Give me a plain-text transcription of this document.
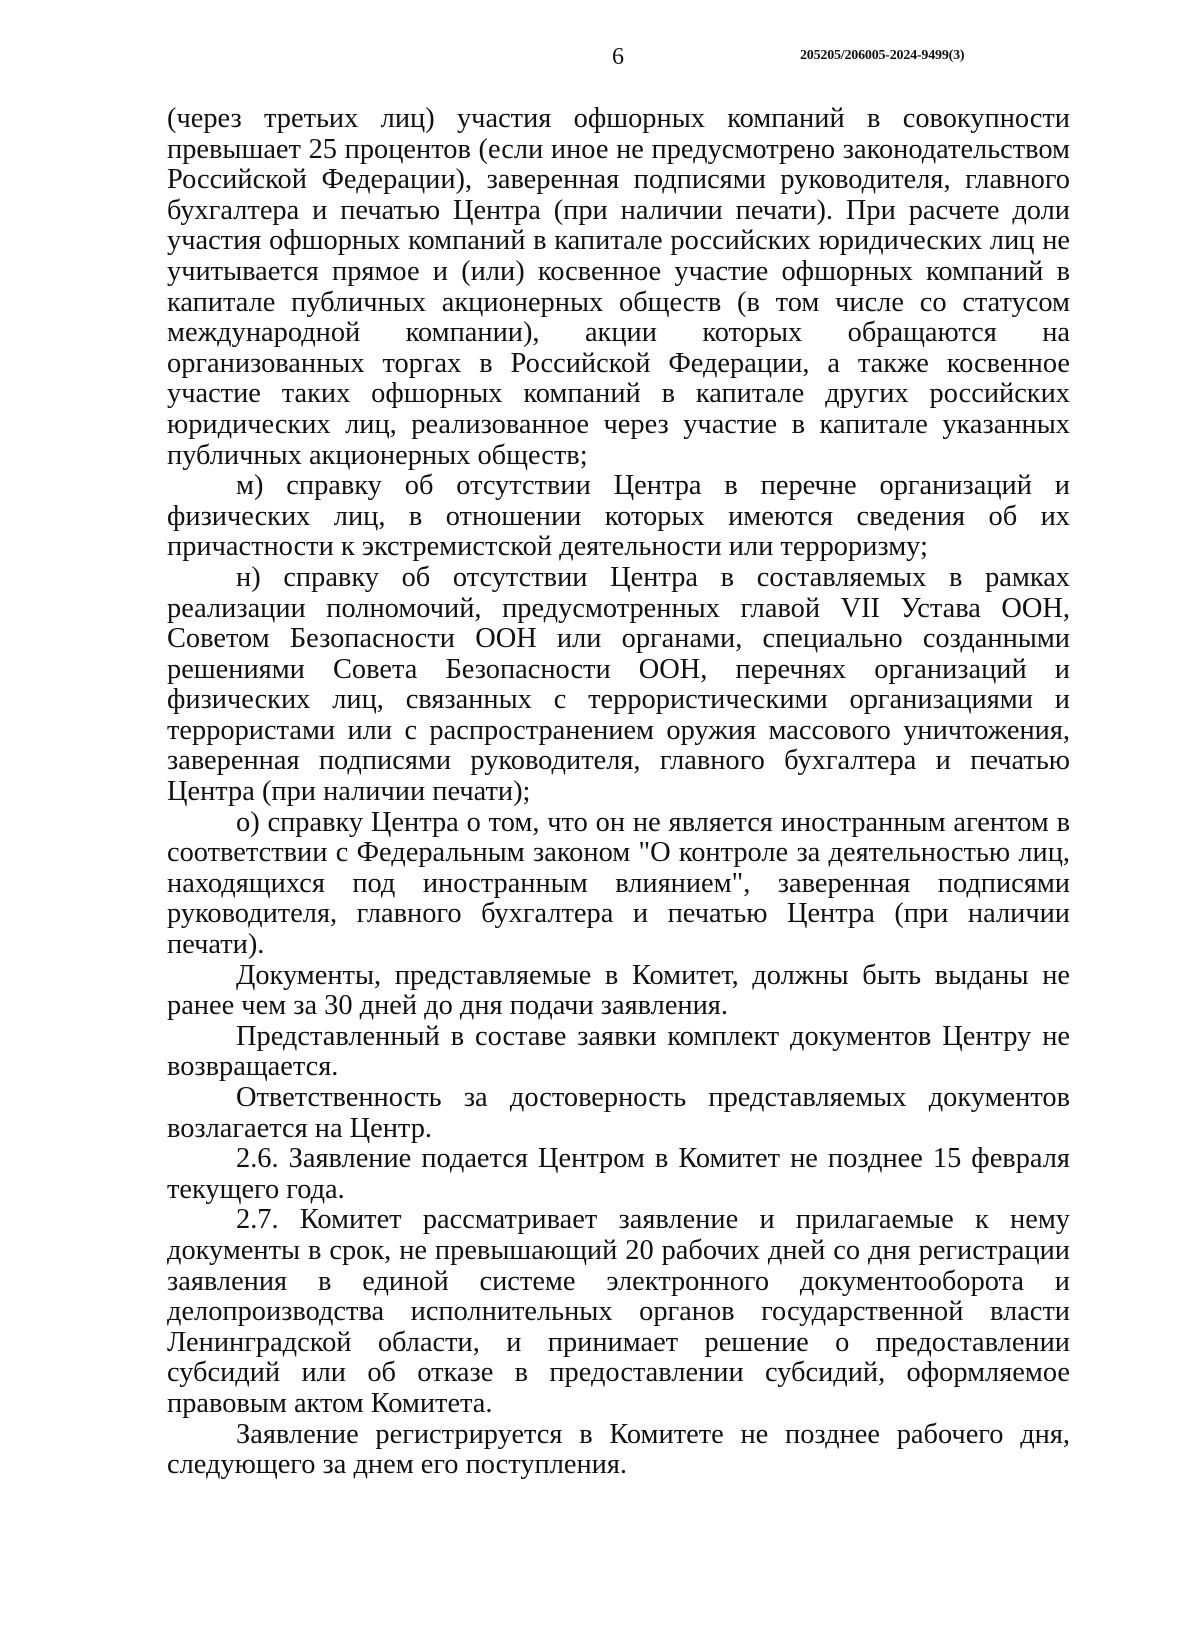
6	205205/206005-2024-9499(3)

(через третьих лиц) участия офшорных компаний в совокупности превышает 25 процентов (если иное не предусмотрено законодательством Российской Федерации), заверенная подписями руководителя, главного бухгалтера и печатью Центра (при наличии печати). При расчете доли участия офшорных компаний в капитале российских юридических лиц не учитывается прямое и (или) косвенное участие офшорных компаний в капитале публичных акционерных обществ (в том числе со статусом международной компании), акции которых обращаются на организованных торгах в Российской Федерации, а также косвенное участие таких офшорных компаний в капитале других российских юридических лиц, реализованное через участие в капитале указанных публичных акционерных обществ;

м) справку об отсутствии Центра в перечне организаций и физических лиц, в отношении которых имеются сведения об их причастности к экстремистской деятельности или терроризму;

н) справку об отсутствии Центра в составляемых в рамках реализации полномочий, предусмотренных главой VII Устава ООН, Советом Безопасности ООН или органами, специально созданными решениями Совета Безопасности ООН, перечнях организаций и физических лиц, связанных с террористическими организациями и террористами или с распространением оружия массового уничтожения, заверенная подписями руководителя, главного бухгалтера и печатью Центра (при наличии печати);

о) справку Центра о том, что он не является иностранным агентом в соответствии с Федеральным законом "О контроле за деятельностью лиц, находящихся под иностранным влиянием", заверенная подписями руководителя, главного бухгалтера и печатью Центра (при наличии печати).

Документы, представляемые в Комитет, должны быть выданы не ранее чем за 30 дней до дня подачи заявления.

Представленный в составе заявки комплект документов Центру не возвращается.

Ответственность за достоверность представляемых документов возлагается на Центр.

2.6. Заявление подается Центром в Комитет не позднее 15 февраля текущего года.

2.7. Комитет рассматривает заявление и прилагаемые к нему документы в срок, не превышающий 20 рабочих дней со дня регистрации заявления в единой системе электронного документооборота и делопроизводства исполнительных органов государственной власти Ленинградской области, и принимает решение о предоставлении субсидий или об отказе в предоставлении субсидий, оформляемое правовым актом Комитета.

Заявление регистрируется в Комитете не позднее рабочего дня, следующего за днем его поступления.
